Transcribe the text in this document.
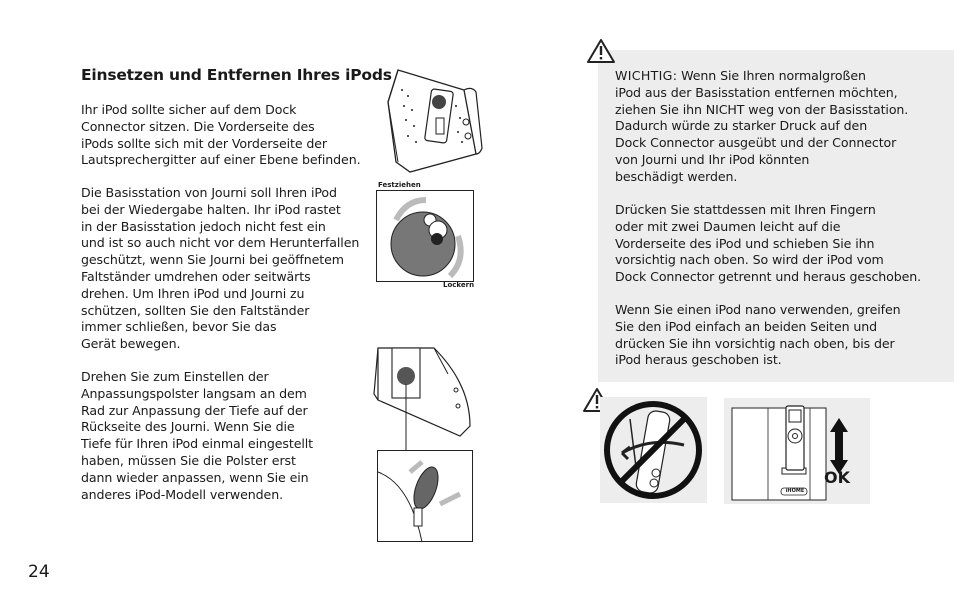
Einsetzen und Entfernen Ihres iPods
Ihr iPod sollte sicher auf dem Dock
Connector sitzen. Die Vorderseite des
iPods sollte sich mit der Vorderseite der
Lautsprechergitter auf einer Ebene befinden.
Die Basisstation von Journi soll Ihren iPod
bei der Wiedergabe halten. Ihr iPod rastet
in der Basisstation jedoch nicht fest ein
und ist so auch nicht vor dem Herunterfallen
geschützt, wenn Sie Journi bei geöffnetem
Faltständer umdrehen oder seitwärts
drehen. Um Ihren iPod und Journi zu
schützen, sollten Sie den Faltständer
immer schließen, bevor Sie das
Gerät bewegen.
Drehen Sie zum Einstellen der
Anpassungspolster langsam an dem
Rad zur Anpassung der Tiefe auf der
Rückseite des Journi. Wenn Sie die
Tiefe für Ihren iPod einmal eingestellt
haben, müssen Sie die Polster erst
dann wieder anpassen, wenn Sie ein
anderes iPod-Modell verwenden.
Festziehen
Lockern
24
WICHTIG: Wenn Sie Ihren normalgroßen
iPod aus der Basisstation entfernen möchten,
ziehen Sie ihn NICHT weg von der Basisstation.
Dadurch würde zu starker Druck auf den
Dock Connector ausgeübt und der Connector
von Journi und Ihr iPod könnten
beschädigt werden.
Drücken Sie stattdessen mit Ihren Fingern
oder mit zwei Daumen leicht auf die
Vorderseite des iPod und schieben Sie ihn
vorsichtig nach oben. So wird der iPod vom
Dock Connector getrennt und heraus geschoben.
Wenn Sie einen iPod nano verwenden, greifen
Sie den iPod einfach an beiden Seiten und
drücken Sie ihn vorsichtig nach oben, bis der
iPod heraus geschoben ist.
iHOME
OK
